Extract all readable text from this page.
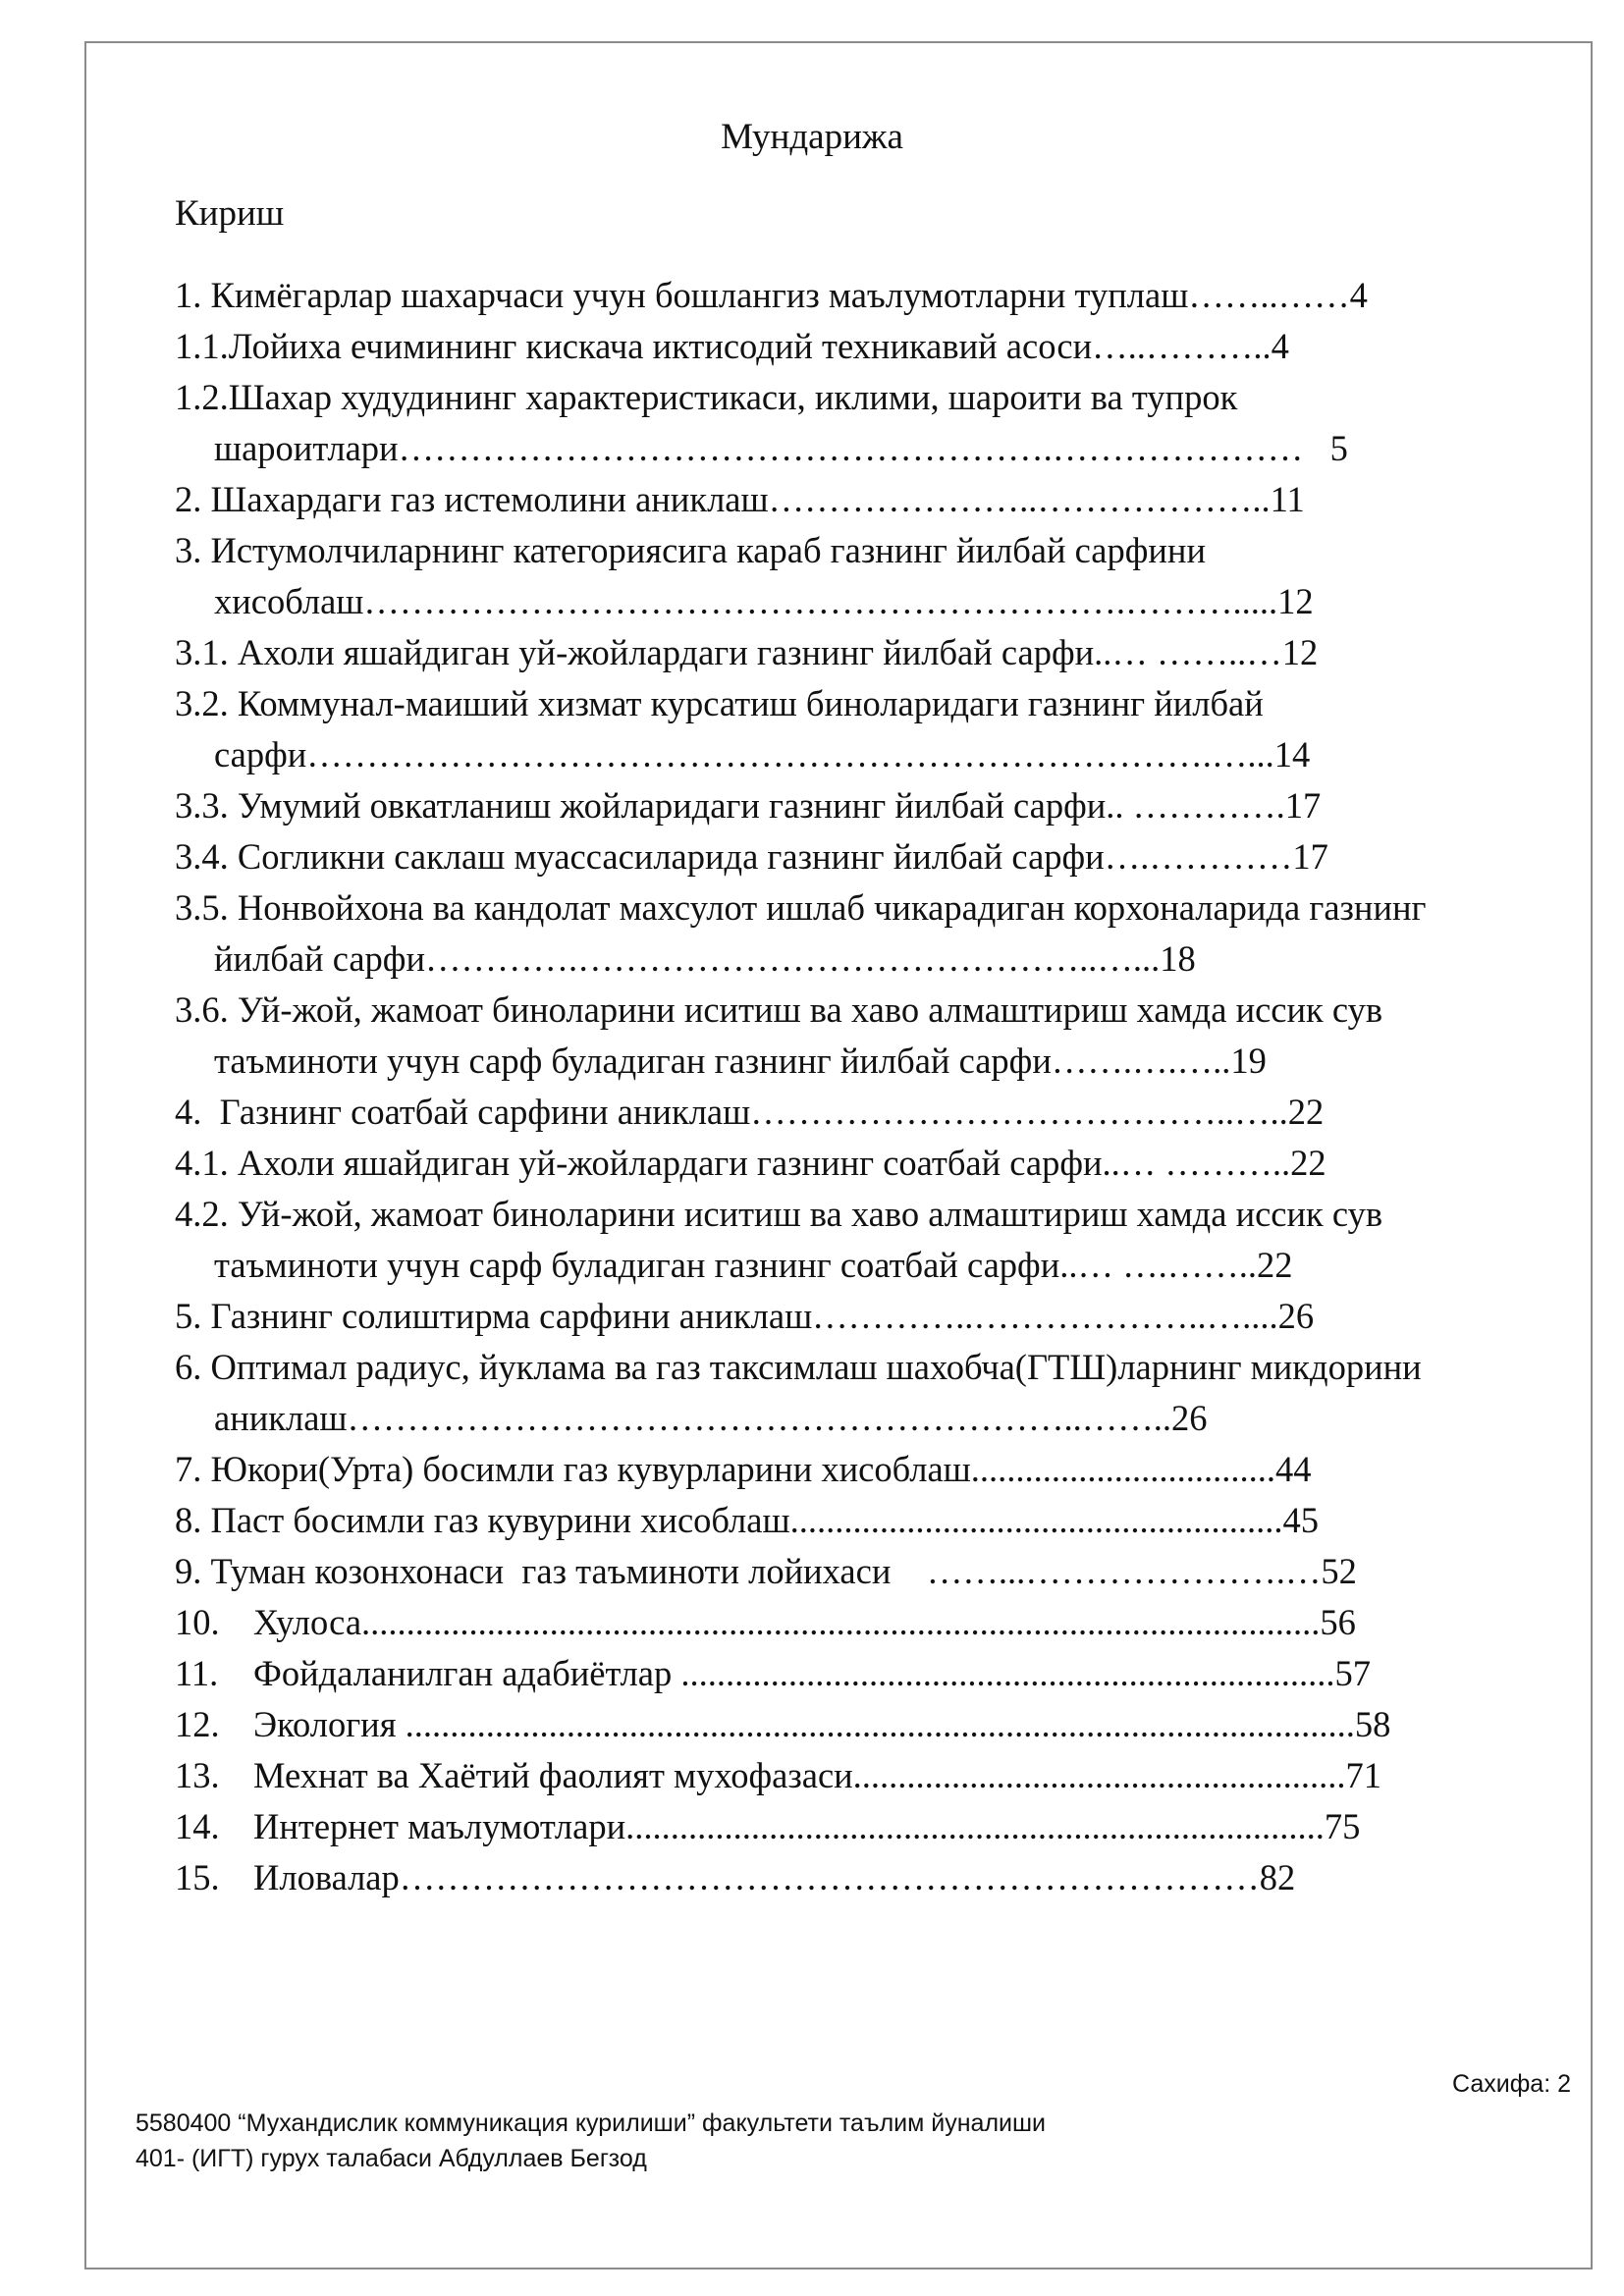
Мундарижа
Кириш
1. Кимёгарлар шахарчаси учун бошлангиз маълумотларни туплаш……..……4
1.1.Лойиха ечимининг кискача иктисодий техникавий асоси…..………..4
1.2.Шахар худудининг характеристикаси, иклими, шароити ва тупрок
шароитлари……………………………………………….…………………   5
2. Шахардаги газ истемолини аниклаш…………………..………………..11
3. Истумолчиларнинг категориясига караб газнинг йилбай сарфини
хисоблаш……………………………………………………….……….....12
3.1. Ахоли яшайдиган уй-жойлардаги газнинг йилбай сарфи..… ……..…12
3.2. Коммунал-маиший хизмат курсатиш биноларидаги газнинг йилбай
сарфи………………………………………………………………….…...14
3.3. Умумий овкатланиш жойларидаги газнинг йилбай сарфи.. ………….17
3.4. Согликни саклаш муассасиларида газнинг йилбай сарфи….…………17
3.5. Нонвойхона ва кандолат махсулот ишлаб чикарадиган корхоналарида газнинг
йилбай сарфи………….……………………………………..…...18
3.6. Уй-жой, жамоат биноларини иситиш ва хаво алмаштириш хамда иссик сув
таъминоти учун сарф буладиган газнинг йилбай сарфи…….….…..19
4.  Газнинг соатбай сарфини аниклаш…………………………………..…..22
4.1. Ахоли яшайдиган уй-жойлардаги газнинг соатбай сарфи..… ………..22
4.2. Уй-жой, жамоат биноларини иситиш ва хаво алмаштириш хамда иссик сув
таъминоти учун сарф буладиган газнинг соатбай сарфи..… ….……..22
5. Газнинг солиштирма сарфини аниклаш…………..………………..…....26
6. Оптимал радиус, йуклама ва газ таксимлаш шахобча(ГТШ)ларнинг микдорини
аниклаш……………………………………………………..……..26
7. Юкори(Урта) босимли газ кувурларини хисоблаш..................................44
8. Паст босимли газ кувурини хисоблаш.......................................................45
9. Туман козонхонаси  газ таъминоти лойихаси    ……...………………….…52
10. Хулоса...........................................................................................................56
11. Фойдаланилган адабиётлар .........................................................................57
12. Экология ..........................................................................................................58
13. Мехнат ва Хаётий фаолият мухофазаси.......................................................71
14. Интернет маълумотлари..............................................................................75
15. Иловалар………………………………………………………………82
Сахифа: 2
5580400 “Мухандислик коммуникация курилиши” факультети таълим йуналиши
401- (ИГТ) гурух талабаси Абдуллаев Бегзод
